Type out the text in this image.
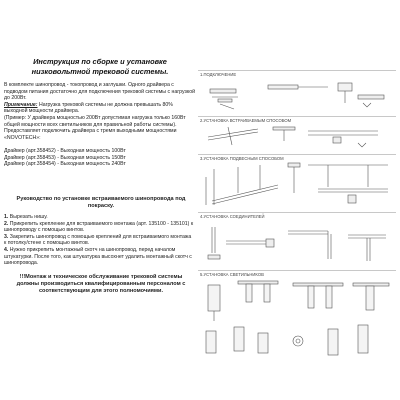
Инструкция по сборке и установке низковольтной трековой системы.

В комплекте шинопровод - токопровод и заглушки. Одного драйвера с подводом питания достаточно для подключения трековой системы с нагрузкой до 200Вт.

Примечание: Нагрузка трековой системы не должна превышать 80% выходной мощности драйвера.

(Пример: У драйвера мощностью 200Вт допустимая нагрузка только 160Вт общей мощности всех светильников для правильной работы системы).

Предоставляет подключить драйвера с тремя выходными мощностями «NOVOTECH»:

Драйвер (арт.358452) - Выходная мощность 100Вт
Драйвер (арт.358453) - Выходная мощность 150Вт
Драйвер (арт.358454) - Выходная мощность 240Вт
Руководство по установке встраиваемого шинопровода под покраску.
1. Вырезать нишу.
2. Прикрепить крепление для встраиваемого монтажа (арт. 135100 - 135101) к шинопроводу с помощью винтов.
3. Закрепить шинопровод с помощью креплений для встраиваемого монтажа к потолку/стене с помощью винтов.
4. Нужно прикрепить монтажный скотч на шинопровод, перед началом штукатурки. После того, как штукатурка высохнет удалить монтажный скотч с шинопровода.
!!!Монтаж и техническое обслуживание трековой системы должны производиться квалифицированным персоналом с соответствующим для этого полномочиями.
1.ПОДКЛЮЧЕНИЕ
2.УСТАНОВКА ВСТРАИВАЕМЫМ СПОСОБОМ
3.УСТАНОВКА ПОДВЕСНЫМ СПОСОБОМ
4.УСТАНОВКА СОЕДИНИТЕЛЕЙ
5.УСТАНОВКА СВЕТИЛЬНИКОВ
